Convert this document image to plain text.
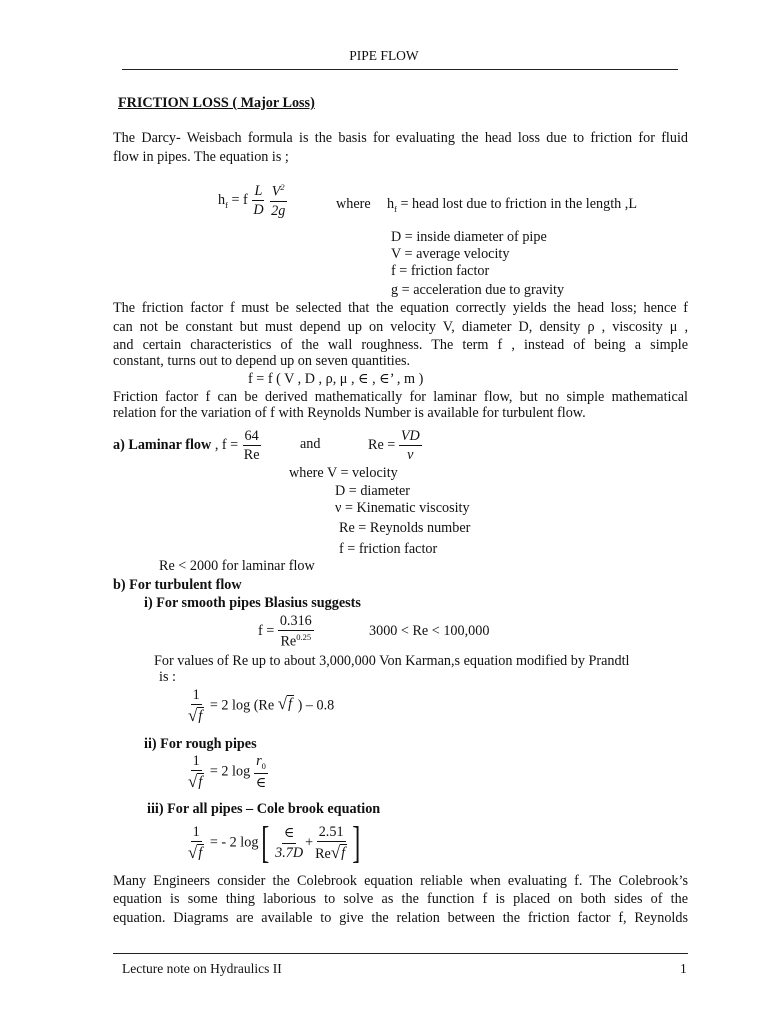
PIPE FLOW
FRICTION LOSS ( Major Loss)
The Darcy- Weisbach formula is the basis for evaluating the head loss due to friction for fluid
flow in pipes. The equation is ;
$h_f = f \frac{L}{D}$
$\frac{V^2}{2g}$	where $h_f$ = head lost due to friction in the length ,L
D = inside diameter of pipe
V = average velocity
f = friction factor
g = acceleration due to gravity
The friction factor f must be selected that the equation correctly yields the head loss; hence f
can not be constant but must depend up on velocity V, diameter D, density ρ , viscosity μ ,
and certain characteristics of the wall roughness. The term f , instead of being a simple
constant, turns out to depend up on seven quantities.
f = f ( V , D , ρ, μ , ∈ , ∈’ , m )
Friction factor f can be derived mathematically for laminar flow, but no simple mathematical
relation for the variation of f with Reynolds Number is available for turbulent flow.
a) Laminar flow , $f = \frac{64}{Re}$	and	$Re = \frac{VD}{\nu}$
where V = velocity
D = diameter
ν = Kinematic viscosity
Re = Reynolds number
f = friction factor
Re < 2000 for laminar flow
b) For turbulent flow
i) For smooth pipes Blasius suggests
$f = \frac{0.316}{Re^{0.25}}$	3000 < Re < 100,000
For values of Re up to about 3,000,000 Von Karman,s equation modified by Prandtl
is :
$\frac{1}{√ f} = 2$ log (Re √ f ) – 0.8
ii) For rough pipes
$\frac{1}{√ f} = 2$ $\log \frac{r_0}{\in}$
iii) For all pipes – Cole brook equation
$\frac{1}{√ f}$ = - 2 $\log[ \frac{\in}{3.7D} + \frac{2.51}{Re √ f}$ ]
Many Engineers consider the Colebrook equation reliable when evaluating f. The Colebrook’s
equation is some thing laborious to solve as the function f is placed on both sides of the
equation. Diagrams are available to give the relation between the friction factor f, Reynolds
Lecture note on Hydraulics II	1
